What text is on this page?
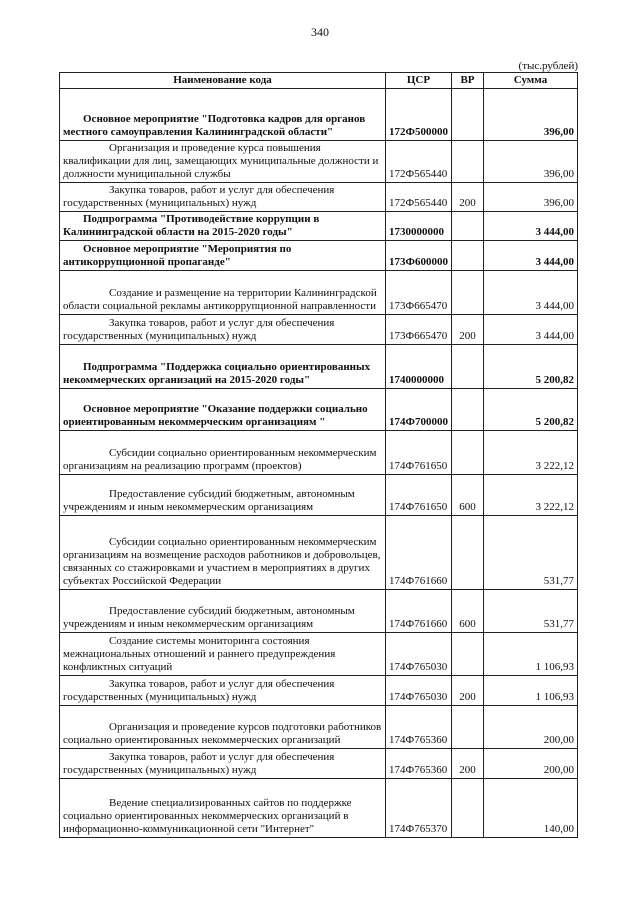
340
(тыс.рублей)
Наименование кода	ЦСР	ВР	Сумма
Основное мероприятие "Подготовка кадров для органов местного самоуправления Калининградской области"	172Ф500000		396,00
Организация и проведение курса повышения квалификации для лиц, замещающих муниципальные должности и должности муниципальной службы	172Ф565440		396,00
Закупка товаров, работ и услуг для обеспечения государственных (муниципальных) нужд	172Ф565440	200	396,00
Подпрограмма "Противодействие коррупции в Калининградской области на 2015-2020 годы"	1730000000		3 444,00
Основное мероприятие "Мероприятия по антикоррупционной пропаганде"	173Ф600000		3 444,00
Создание и размещение на территории Калининградской области социальной рекламы антикоррупционной направленности	173Ф665470		3 444,00
Закупка товаров, работ и услуг для обеспечения государственных (муниципальных) нужд	173Ф665470	200	3 444,00
Подпрограмма "Поддержка социально ориентированных некоммерческих организаций на 2015-2020 годы"	1740000000		5 200,82
Основное мероприятие "Оказание поддержки социально ориентированным некоммерческим организациям "	174Ф700000		5 200,82
Субсидии социально ориентированным некоммерческим организациям на реализацию программ (проектов)	174Ф761650		3 222,12
Предоставление субсидий бюджетным, автономным учреждениям и иным некоммерческим организациям	174Ф761650	600	3 222,12
Субсидии социально ориентированным некоммерческим организациям на возмещение расходов работников и добровольцев, связанных со стажировками и участием в мероприятиях в других субъектах Российской Федерации	174Ф761660		531,77
Предоставление субсидий бюджетным, автономным учреждениям и иным некоммерческим организациям	174Ф761660	600	531,77
Создание системы мониторинга состояния межнациональных отношений и раннего предупреждения конфликтных ситуаций	174Ф765030		1 106,93
Закупка товаров, работ и услуг для обеспечения государственных (муниципальных) нужд	174Ф765030	200	1 106,93
Организация и проведение курсов подготовки работников социально ориентированных некоммерческих организаций	174Ф765360		200,00
Закупка товаров, работ и услуг для обеспечения государственных (муниципальных) нужд	174Ф765360	200	200,00
Ведение специализированных сайтов по поддержке социально ориентированных некоммерческих организаций в информационно-коммуникационной сети "Интернет"	174Ф765370		140,00
